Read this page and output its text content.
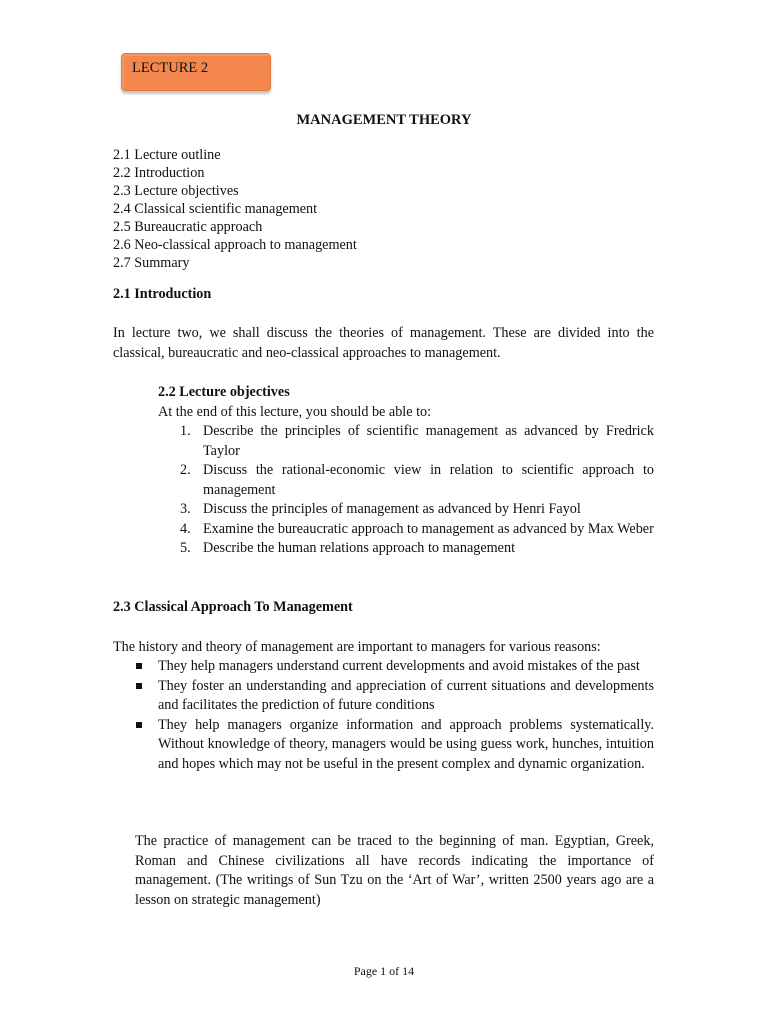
LECTURE 2
MANAGEMENT THEORY
2.1 Lecture outline
2.2 Introduction
2.3 Lecture objectives
2.4 Classical scientific management
2.5 Bureaucratic approach
2.6 Neo-classical approach to management
2.7 Summary
2.1 Introduction
In lecture two, we shall discuss the theories of management. These are divided into the classical, bureaucratic and neo-classical approaches to management.
2.2 Lecture objectives
At the end of this lecture, you should be able to:
1. Describe the principles of scientific management as advanced by Fredrick Taylor
2. Discuss the rational-economic view in relation to scientific approach to management
3. Discuss the principles of management as advanced by Henri Fayol
4. Examine the bureaucratic approach to management as advanced by Max Weber
5. Describe the human relations approach to management
2.3 Classical Approach To Management
The history and theory of management are important to managers for various reasons:
They help managers understand current developments and avoid mistakes of the past
They foster an understanding and appreciation of current situations and developments and facilitates the prediction of future conditions
They help managers organize information and approach problems systematically. Without knowledge of theory, managers would be using guess work, hunches, intuition and hopes which may not be useful in the present complex and dynamic organization.
The practice of management can be traced to the beginning of man. Egyptian, Greek, Roman and Chinese civilizations all have records indicating the importance of management. (The writings of Sun Tzu on the ‘Art of War’, written 2500 years ago are a lesson on strategic management)
Page 1 of 14
